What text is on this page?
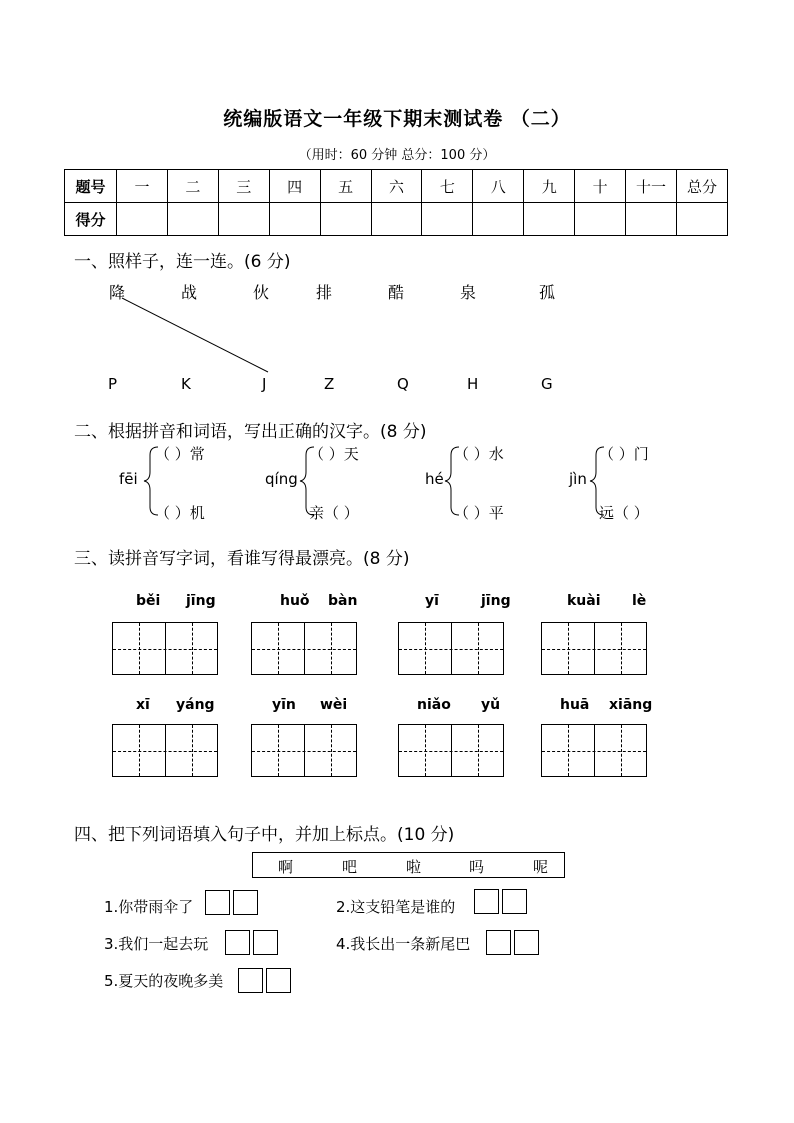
统编版语文一年级下期末测试卷 （二）
（用时：60 分钟 总分：100 分）
题号	一	二	三	四	五	六	七	八	九	十	十一	总分
得分												
一、照样子，连一连。(6 分)
降	战	伙	排	酷	泉	孤
P	K	J	Z	Q	H	G
二、根据拼音和词语，写出正确的汉字。(8 分)
fēi
（ ）常
（ ）机
qíng
（ ）天
亲（ ）
hé
（ ）水
（ ）平
jìn
（ ）门
远（ ）
三、读拼音写字词，看谁写得最漂亮。(8 分)
běi jīng	huǒ bàn	yī	jīng	kuài lè
xī yáng	yīn wèi	niǎo yǔ	huā xiāng
四、把下列词语填入句子中，并加上标点。(10 分)
啊	吧	啦	吗	呢
1.你带雨伞了	2.这支铅笔是谁的
3.我们一起去玩	4.我长出一条新尾巴
5.夏天的夜晚多美
